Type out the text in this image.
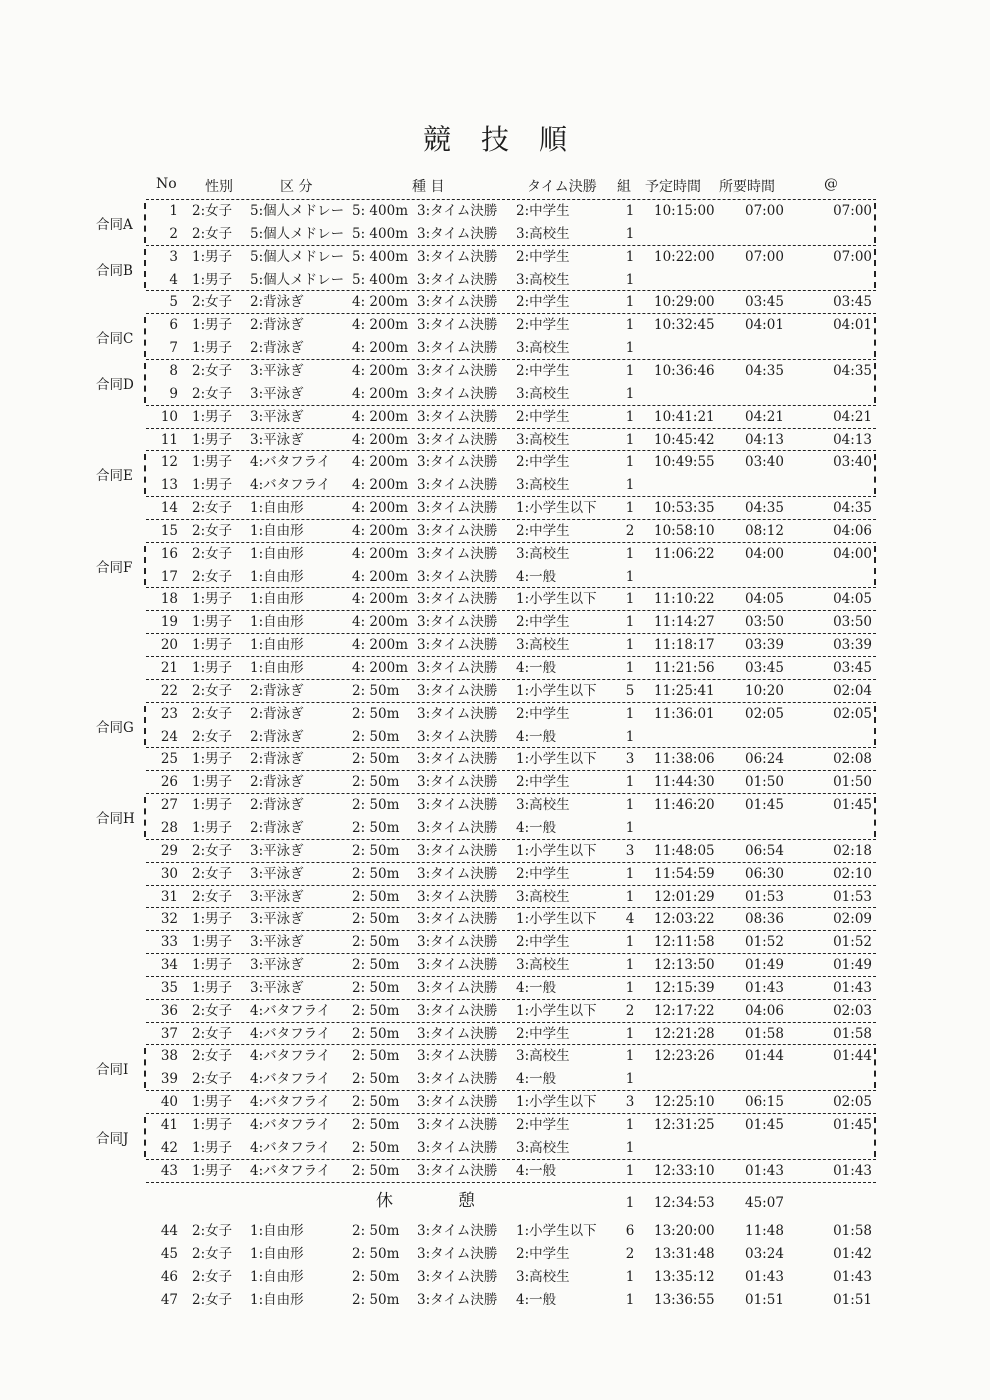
競 技 順
No 性別	区 分	種 目	タイム決勝 組 予定時間 所要時間	@
1 2:女子 5:個人メドレー 5: 400m 3:タイム決勝 2:中学生	1 10:15:00 07:00	07:00
2 2:女子 5:個人メドレー 5: 400m 3:タイム決勝 3:高校生	1
3 1:男子 5:個人メドレー 5: 400m 3:タイム決勝 2:中学生	1 10:22:00 07:00	07:00
4 1:男子 5:個人メドレー 5: 400m 3:タイム決勝 3:高校生	1
5 2:女子 2:背泳ぎ	4: 200m 3:タイム決勝 2:中学生	1 10:29:00 03:45	03:45
6 1:男子 2:背泳ぎ	4: 200m 3:タイム決勝 2:中学生	1 10:32:45 04:01	04:01
7 1:男子 2:背泳ぎ	4: 200m 3:タイム決勝 3:高校生	1
8 2:女子 3:平泳ぎ	4: 200m 3:タイム決勝 2:中学生	1 10:36:46 04:35	04:35
9 2:女子 3:平泳ぎ	4: 200m 3:タイム決勝 3:高校生	1
10 1:男子 3:平泳ぎ	4: 200m 3:タイム決勝 2:中学生	1 10:41:21 04:21	04:21
11 1:男子 3:平泳ぎ	4: 200m 3:タイム決勝 3:高校生	1 10:45:42 04:13	04:13
12 1:男子 4:バタフライ 4: 200m 3:タイム決勝 2:中学生	1 10:49:55 03:40	03:40
13 1:男子 4:バタフライ 4: 200m 3:タイム決勝 3:高校生	1
14 2:女子 1:自由形	4: 200m 3:タイム決勝 1:小学生以下 1 10:53:35 04:35	04:35
15 2:女子 1:自由形	4: 200m 3:タイム決勝 2:中学生	2 10:58:10 08:12	04:06
16 2:女子 1:自由形	4: 200m 3:タイム決勝 3:高校生	1 11:06:22 04:00	04:00
17 2:女子 1:自由形	4: 200m 3:タイム決勝 4:一般	1
18 1:男子 1:自由形	4: 200m 3:タイム決勝 1:小学生以下 1 11:10:22 04:05	04:05
19 1:男子 1:自由形	4: 200m 3:タイム決勝 2:中学生	1 11:14:27 03:50	03:50
20 1:男子 1:自由形	4: 200m 3:タイム決勝 3:高校生	1 11:18:17 03:39	03:39
21 1:男子 1:自由形	4: 200m 3:タイム決勝 4:一般	1 11:21:56 03:45	03:45
22 2:女子 2:背泳ぎ	2: 50m 3:タイム決勝 1:小学生以下 5 11:25:41 10:20	02:04
23 2:女子 2:背泳ぎ	2: 50m 3:タイム決勝 2:中学生	1 11:36:01 02:05	02:05
24 2:女子 2:背泳ぎ	2: 50m 3:タイム決勝 4:一般	1
25 1:男子 2:背泳ぎ	2: 50m 3:タイム決勝 1:小学生以下 3 11:38:06 06:24	02:08
26 1:男子 2:背泳ぎ	2: 50m 3:タイム決勝 2:中学生	1 11:44:30 01:50	01:50
27 1:男子 2:背泳ぎ	2: 50m 3:タイム決勝 3:高校生	1 11:46:20 01:45	01:45
28 1:男子 2:背泳ぎ	2: 50m 3:タイム決勝 4:一般	1
29 2:女子 3:平泳ぎ	2: 50m 3:タイム決勝 1:小学生以下 3 11:48:05 06:54	02:18
30 2:女子 3:平泳ぎ	2: 50m 3:タイム決勝 2:中学生	1 11:54:59 06:30	02:10
31 2:女子 3:平泳ぎ	2: 50m 3:タイム決勝 3:高校生	1 12:01:29 01:53	01:53
32 1:男子 3:平泳ぎ	2: 50m 3:タイム決勝 1:小学生以下 4 12:03:22 08:36	02:09
33 1:男子 3:平泳ぎ	2: 50m 3:タイム決勝 2:中学生	1 12:11:58 01:52	01:52
34 1:男子 3:平泳ぎ	2: 50m 3:タイム決勝 3:高校生	1 12:13:50 01:49	01:49
35 1:男子 3:平泳ぎ	2: 50m 3:タイム決勝 4:一般	1 12:15:39 01:43	01:43
36 2:女子 4:バタフライ 2: 50m 3:タイム決勝 1:小学生以下 2 12:17:22 04:06	02:03
37 2:女子 4:バタフライ 2: 50m 3:タイム決勝 2:中学生	1 12:21:28 01:58	01:58
38 2:女子 4:バタフライ 2: 50m 3:タイム決勝 3:高校生	1 12:23:26 01:44	01:44
39 2:女子 4:バタフライ 2: 50m 3:タイム決勝 4:一般	1
40 1:男子 4:バタフライ 2: 50m 3:タイム決勝 1:小学生以下 3 12:25:10 06:15	02:05
41 1:男子 4:バタフライ 2: 50m 3:タイム決勝 2:中学生	1 12:31:25 01:45	01:45
42 1:男子 4:バタフライ 2: 50m 3:タイム決勝 3:高校生	1
43 1:男子 4:バタフライ 2: 50m 3:タイム決勝 4:一般	1 12:33:10 01:43	01:43
合同A
合同B
合同C
合同D
合同E
合同F
合同G
合同H
合同I
合同J
休	憩	1 12:34:53 45:07
44 2:女子 1:自由形	2: 50m 3:タイム決勝 1:小学生以下 6 13:20:00 11:48	01:58
45 2:女子 1:自由形	2: 50m 3:タイム決勝 2:中学生	2 13:31:48 03:24	01:42
46 2:女子 1:自由形	2: 50m 3:タイム決勝 3:高校生	1 13:35:12 01:43	01:43
47 2:女子 1:自由形	2: 50m 3:タイム決勝 4:一般	1 13:36:55 01:51	01:51
